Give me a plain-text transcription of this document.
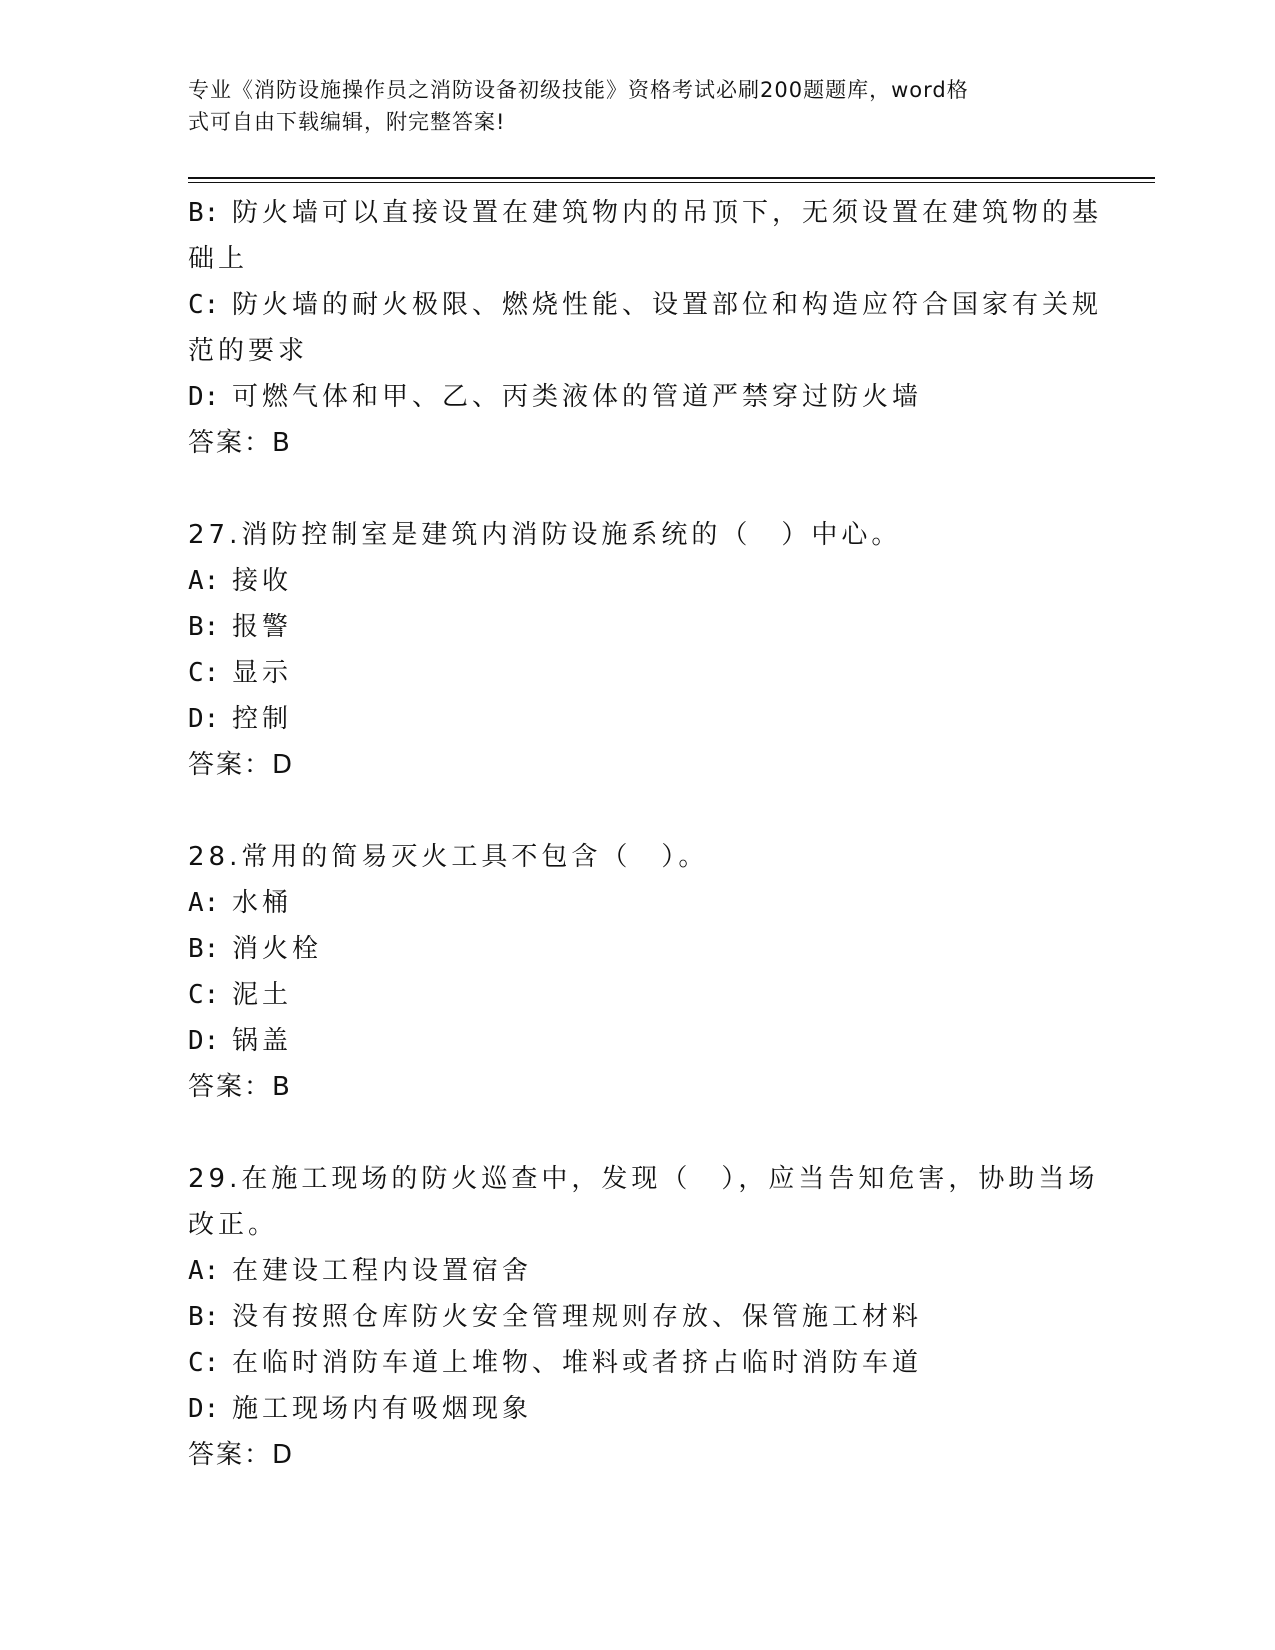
专业《消防设施操作员之消防设备初级技能》资格考试必刷200题题库，word格
式可自由下载编辑，附完整答案!
B: 防火墙可以直接设置在建筑物内的吊顶下，无须设置在建筑物的基
础上
C: 防火墙的耐火极限、燃烧性能、设置部位和构造应符合国家有关规
范的要求
D: 可燃气体和甲、乙、丙类液体的管道严禁穿过防火墙
答案：B
27.消防控制室是建筑内消防设施系统的（　）中心。
A: 接收
B: 报警
C: 显示
D: 控制
答案：D
28.常用的简易灭火工具不包含（　）。
A: 水桶
B: 消火栓
C: 泥土
D: 锅盖
答案：B
29.在施工现场的防火巡查中，发现（　），应当告知危害，协助当场
改正。
A: 在建设工程内设置宿舍
B: 没有按照仓库防火安全管理规则存放、保管施工材料
C: 在临时消防车道上堆物、堆料或者挤占临时消防车道
D: 施工现场内有吸烟现象
答案：D
